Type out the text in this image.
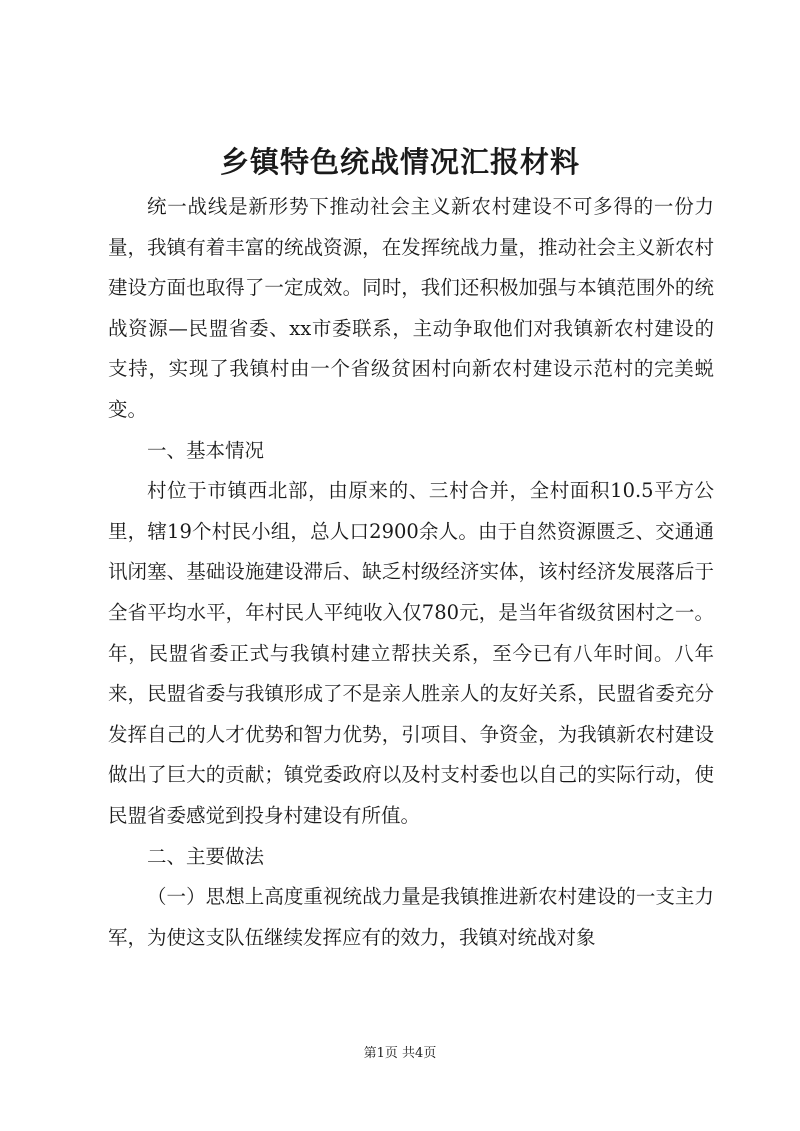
乡镇特色统战情况汇报材料

统一战线是新形势下推动社会主义新农村建设不可多得的一份力量，我镇有着丰富的统战资源，在发挥统战力量，推动社会主义新农村建设方面也取得了一定成效。同时，我们还积极加强与本镇范围外的统战资源—民盟省委、xx市委联系，主动争取他们对我镇新农村建设的支持，实现了我镇村由一个省级贫困村向新农村建设示范村的完美蜕变。

一、基本情况

村位于市镇西北部，由原来的、三村合并，全村面积10.5平方公里，辖19个村民小组，总人口2900余人。由于自然资源匮乏、交通通讯闭塞、基础设施建设滞后、缺乏村级经济实体，该村经济发展落后于全省平均水平，年村民人平纯收入仅780元，是当年省级贫困村之一。年，民盟省委正式与我镇村建立帮扶关系，至今已有八年时间。八年来，民盟省委与我镇形成了不是亲人胜亲人的友好关系，民盟省委充分发挥自己的人才优势和智力优势，引项目、争资金，为我镇新农村建设做出了巨大的贡献；镇党委政府以及村支村委也以自己的实际行动，使民盟省委感觉到投身村建设有所值。

二、主要做法

（一）思想上高度重视统战力量是我镇推进新农村建设的一支主力军，为使这支队伍继续发挥应有的效力，我镇对统战对象

第1页 共4页
